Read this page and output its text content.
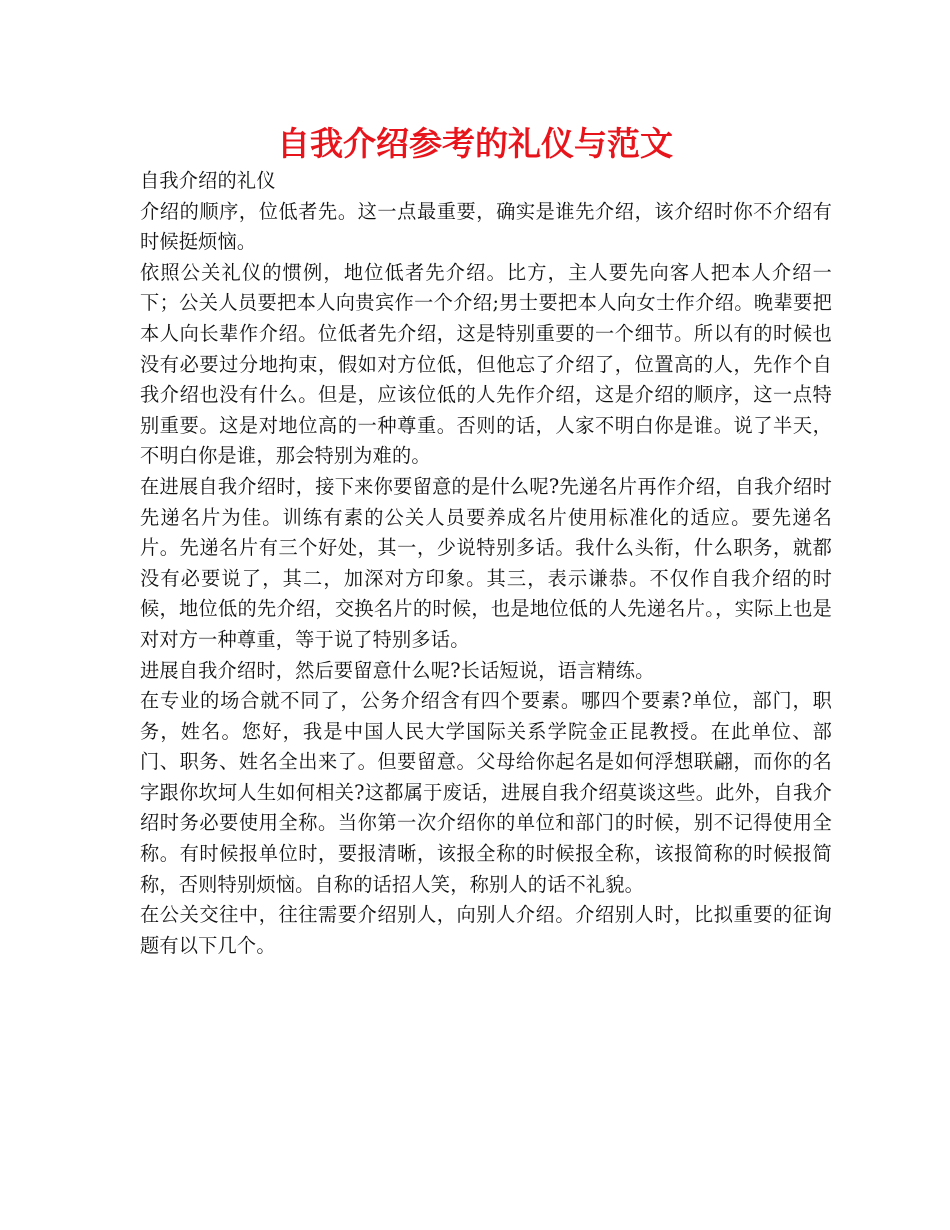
自我介绍参考的礼仪与范文

自我介绍的礼仪

介绍的顺序，位低者先。这一点最重要，确实是谁先介绍，该介绍时你不介绍有时候挺烦恼。

依照公关礼仪的惯例，地位低者先介绍。比方，主人要先向客人把本人介绍一下；公关人员要把本人向贵宾作一个介绍;男士要把本人向女士作介绍。晚辈要把本人向长辈作介绍。位低者先介绍，这是特别重要的一个细节。所以有的时候也没有必要过分地拘束，假如对方位低，但他忘了介绍了，位置高的人，先作个自我介绍也没有什么。但是，应该位低的人先作介绍，这是介绍的顺序，这一点特别重要。这是对地位高的一种尊重。否则的话，人家不明白你是谁。说了半天，不明白你是谁，那会特别为难的。

在进展自我介绍时，接下来你要留意的是什么呢?先递名片再作介绍，自我介绍时先递名片为佳。训练有素的公关人员要养成名片使用标准化的适应。要先递名片。先递名片有三个好处，其一，少说特别多话。我什么头衔，什么职务，就都没有必要说了，其二，加深对方印象。其三，表示谦恭。不仅作自我介绍的时候，地位低的先介绍，交换名片的时候，也是地位低的人先递名片。，实际上也是对对方一种尊重，等于说了特别多话。

进展自我介绍时，然后要留意什么呢?长话短说，语言精练。

在专业的场合就不同了，公务介绍含有四个要素。哪四个要素?单位，部门，职务，姓名。您好，我是中国人民大学国际关系学院金正昆教授。在此单位、部门、职务、姓名全出来了。但要留意。父母给你起名是如何浮想联翩，而你的名字跟你坎坷人生如何相关?这都属于废话，进展自我介绍莫谈这些。此外，自我介绍时务必要使用全称。当你第一次介绍你的单位和部门的时候，别不记得使用全称。有时候报单位时，要报清晰，该报全称的时候报全称，该报简称的时候报简称，否则特别烦恼。自称的话招人笑，称别人的话不礼貌。

在公关交往中，往往需要介绍别人，向别人介绍。介绍别人时，比拟重要的征询题有以下几个。
